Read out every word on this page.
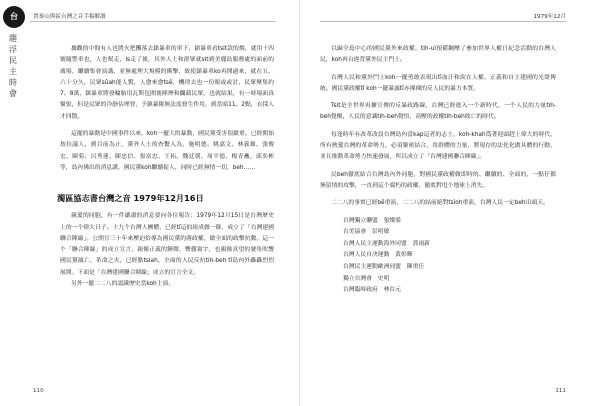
台
趨浮民主時會
賈秦山與區台灣之音手稿解讀	1979年12月

據觀的中間有人也將火把攤落去鎮暴車的車下，鎮暴車看tsit款的烟，就用十四號隨警車也，人也幫走，is走了後，其外人士和群眾就sit到美麗島服務處的面前的廣場，繼續集會演講，並無處理大規模的衝擊，致使鎮暴車ko再開過來，就在五、六十分久，民眾sûah能人驚，人愈來愈tsê，機律去也一份眼或或討，民眾聚集約7、8萬，鎮暴車將發輪胎用瓦斯包圍後陣煙和攔截民眾，也就結果，有一時場面真緊張，但是民眾的冷靜佔理智，予鎮暴隊無法度發生作用，到當暗11、2點，衣採人才四散。

這擺的暴動是中國事件以來，koh一擺大的暴動，國民黨受害很嚴重。已經開始按拉議人，到目前為止，黨外人士的查繫入為，施明德、姚嘉文、林義雄、張俊宏、陳菊、呂秀蓮、陳忠信、張富忠、王拓、魏廷朝、周平德、楊青矗、邱奕彬等，島內佛出的消息講，國民黨koh繼續捉人，同時已經無情一切，beh……

濁區協志書台灣之音 1979年12月16日

親愛的同胞，有一件嚴肅的消息要向各位報告：1979年12月15日是台灣歷史上的一个偉大日子。十九个台灣人團體，已經tī這的組成做一隊，成立了「台灣建國聯合陣線」。公開宣三十年來壓迫佮導為國民黨的蔣政權，做全面的政擊抗數。這一个「聯合陣線」的成立宣言，親像正義的鐘聲，響徹寰宇，也親像真望的號角吹響國民黨滅亡，革命之火，已經點tsiah，全面的人民反抗tih-beh tī島內外轟轟烈烈展開。下面是「台灣建國聯合陣線」成立的宣言全文。

另外一擺二二八的認識歷史當koh上演。

以歸全島中心的國民黨外來政權，tih-uì預備鋼壓了參加世界人權日紀念活動的台灣人民，koh再自違背黨外民主門士。

台灣人民和黨外鬥士koh一擺勇敢表現出tī血汗和淚在人權，正義和自主建國的光榮傳統。國民黨政權tī koh一擺暴露tī赤裸裸的反人民的暴力本質。

Tsit是全世界再擴宣傳的反暴政路線，台灣已經進入一个新時代，一个人民的力量tih-beh覺醒，人民的意識tih-beh覺悟，高壓的政權tih-beh敗亡的時代。

每逢時年有改革改設台灣島內當kap這者的志士，koh-khah爲著迎頭趕上偉大的時代，所有熱愛台灣的革命勢力，必須緊密結合，用群體的力量，將現存的法化化做具體的行動，並且推動革命勢力快速發展，所以成立了「台灣建國聯合陣線」。

民beh徹底結合台灣島內外同胞，對國民黨政權做即時的、繼續的、全面的，一點仔都無留情的攻擊，一直到這个腐朽的政權，徹底對甩个地球上消失。

二二八的事實已經bē重演，二二八的結前絕對tsìoh重演，台灣人民一定beh出頭天。

台灣獨立聯盟　張燦鍙
台美協會　彭明敏
台灣人民主運動海外同盟　郭雨新
台灣人民自決運動　黃彰輝
台灣民主運動歐洲同盟　陳重任
獨立台灣會　史明
台灣臨時政府　林台元
110	111
